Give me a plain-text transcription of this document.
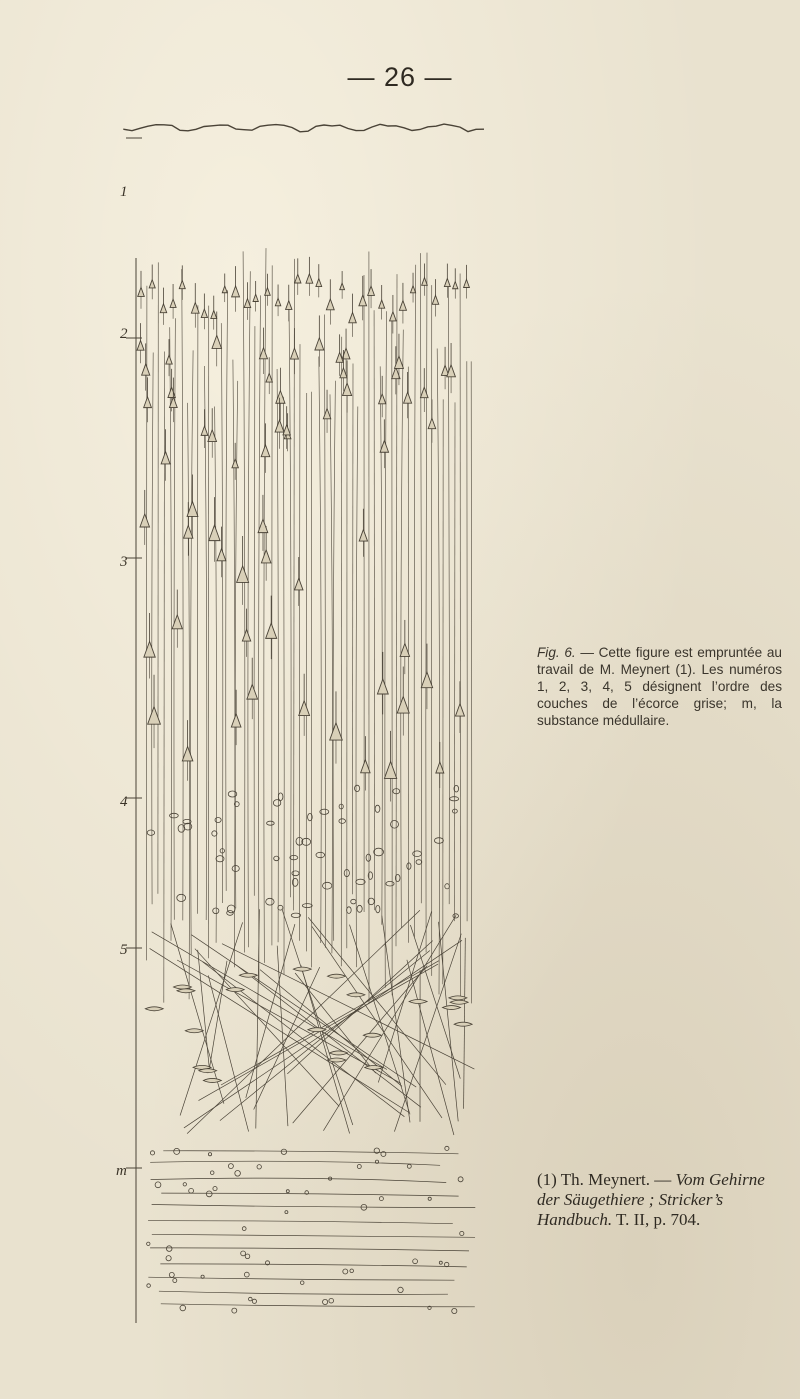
— 26 —
1
2
3
4
5
m
Fig. 6. — Cette figure est empruntée au travail de M. Meynert (1). Les numéros 1, 2, 3, 4, 5 désignent l’ordre des couches de l’écorce grise; m, la substance médullaire.
(1) Th. Meynert. — Vom Gehirne der Säugethiere ; Stricker’s Handbuch. T. II, p. 704.
